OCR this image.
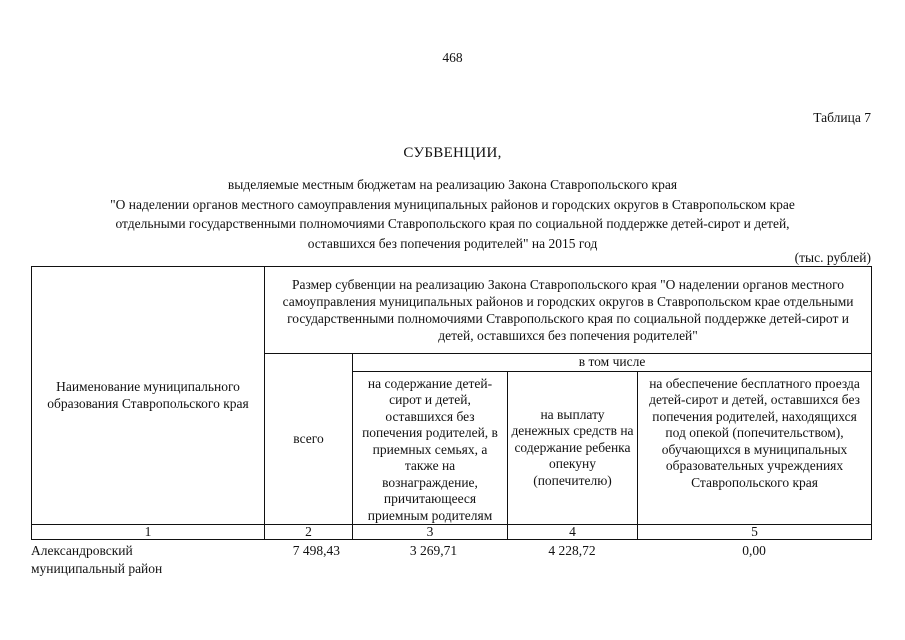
468
Таблица 7
СУБВЕНЦИИ,
выделяемые местным бюджетам на реализацию Закона Ставропольского края
"О наделении органов местного самоуправления муниципальных районов и городских округов в Ставропольском крае
отдельными государственными полномочиями Ставропольского края по социальной поддержке детей-сирот и детей,
оставшихся без попечения родителей" на 2015 год
(тыс. рублей)
Наименование муниципального образования Ставропольского края	Размер субвенции на реализацию Закона Ставропольского края "О наделении органов местного самоуправления муниципальных районов и городских округов в Ставропольском крае отдельными государственными полномочиями Ставропольского края по социальной поддержке детей-сирот и детей, оставшихся без попечения родителей"			
	всего	в том числе		
		на содержание детей-сирот и детей, оставшихся без попечения родителей, в приемных семьях, а также на вознаграждение, причитающееся приемным родителям	на выплату денежных средств на содержание ребенка опекуну (попечителю)	на обеспечение бесплатного проезда детей-сирот и детей, оставшихся без попечения родителей, находящихся под опекой (попечительством), обучающихся в муниципальных образовательных учреждениях Ставропольского края
1	2	3	4	5
Александровский муниципальный район	7 498,43	3 269,71	4 228,72	0,00
